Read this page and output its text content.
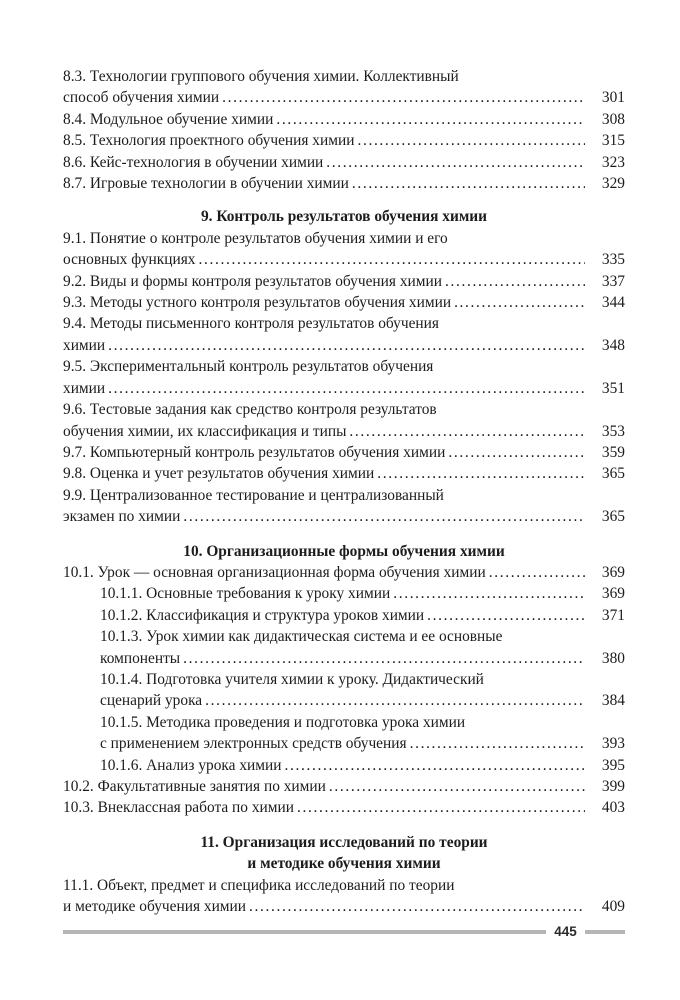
8.3. Технологии группового обучения химии. Коллективный
способ обучения химии . . .	301
8.4. Модульное обучение химии . . .	308
8.5. Технология проектного обучения химии . . .	315
8.6. Кейс-технология в обучении химии . . .	323
8.7. Игровые технологии в обучении химии . . .	329
9. Контроль результатов обучения химии
9.1. Понятие о контроле результатов обучения химии и его
основных функциях . . .	335
9.2. Виды и формы контроля результатов обучения химии . . .	337
9.3. Методы устного контроля результатов обучения химии . . .	344
9.4. Методы письменного контроля результатов обучения
химии . . .	348
9.5. Экспериментальный контроль результатов обучения
химии . . .	351
9.6. Тестовые задания как средство контроля результатов
обучения химии, их классификация и типы . . .	353
9.7. Компьютерный контроль результатов обучения химии . . .	359
9.8. Оценка и учет результатов обучения химии . . .	365
9.9. Централизованное тестирование и централизованный
экзамен по химии . . .	365
10. Организационные формы обучения химии
10.1. Урок — основная организационная форма обучения химии . . .	369
10.1.1. Основные требования к уроку химии . . .	369
10.1.2. Классификация и структура уроков химии . . .	371
10.1.3. Урок химии как дидактическая система и ее основные
компоненты . . .	380
10.1.4. Подготовка учителя химии к уроку. Дидактический
сценарий урока . . .	384
10.1.5. Методика проведения и подготовка урока химии
с применением электронных средств обучения . . .	393
10.1.6. Анализ урока химии . . .	395
10.2. Факультативные занятия по химии . . .	399
10.3. Внеклассная работа по химии . . .	403
11. Организация исследований по теории
и методике обучения химии
11.1. Объект, предмет и специфика исследований по теории
и методике обучения химии . . .	409
445
